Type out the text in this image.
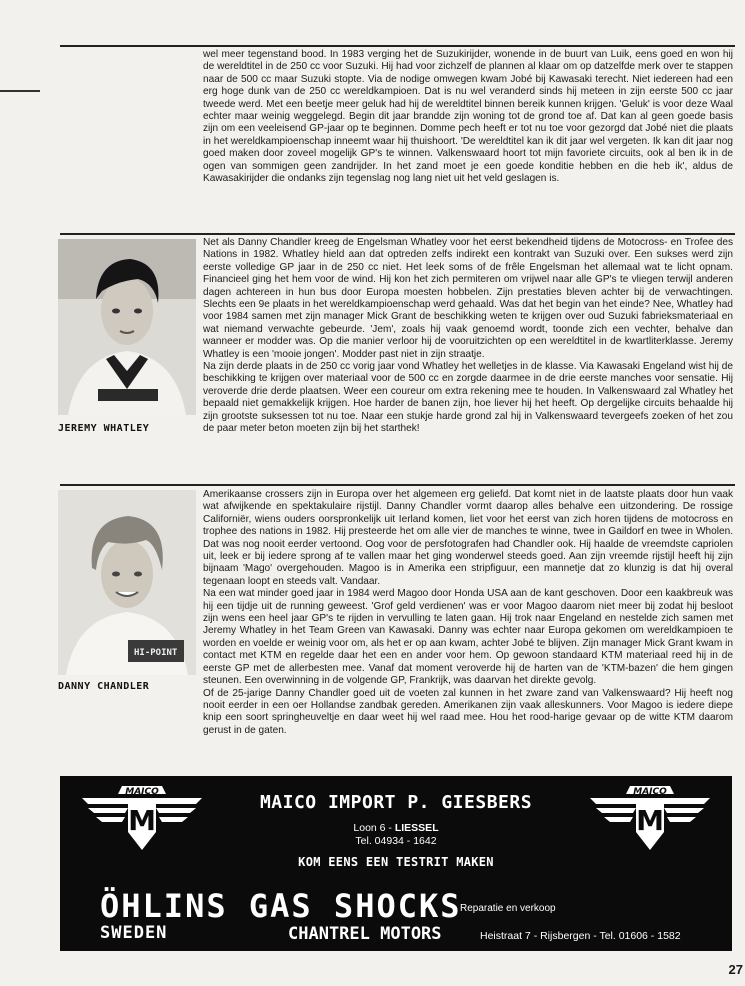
wel meer tegenstand bood. In 1983 verging het de Suzukirijder, wonende in de buurt van Luik, eens goed en won hij de wereldtitel in de 250 cc voor Suzuki. Hij had voor zichzelf de plannen al klaar om op datzelfde merk over te stappen naar de 500 cc maar Suzuki stopte. Via de nodige omwegen kwam Jobé bij Kawasaki terecht. Niet iedereen had een erg hoge dunk van de 250 cc wereldkampioen. Dat is nu wel veranderd sinds hij meteen in zijn eerste 500 cc jaar tweede werd. Met een beetje meer geluk had hij de wereldtitel binnen bereik kunnen krijgen. 'Geluk' is voor deze Waal echter maar weinig weggelegd. Begin dit jaar brandde zijn woning tot de grond toe af. Dat kan al geen goede basis zijn om een veeleisend GP-jaar op te beginnen. Domme pech heeft er tot nu toe voor gezorgd dat Jobé niet die plaats in het wereldkampioenschap inneemt waar hij thuishoort. 'De wereldtitel kan ik dit jaar wel vergeten. Ik kan dit jaar nog goed maken door zoveel mogelijk GP's te winnen. Valkenswaard hoort tot mijn favoriete circuits, ook al ben ik in de ogen van sommigen geen zandrijder. In het zand moet je een goede konditie hebben en die heb ik', aldus de Kawasakirijder die ondanks zijn tegenslag nog lang niet uit het veld geslagen is.

JEREMY WHATLEY

Net als Danny Chandler kreeg de Engelsman Whatley voor het eerst bekendheid tijdens de Motocross- en Trofee des Nations in 1982. Whatley hield aan dat optreden zelfs indirekt een kontrakt van Suzuki over. Een sukses werd zijn eerste volledige GP jaar in de 250 cc niet. Het leek soms of de frêle Engelsman het allemaal wat te licht opnam. Financieel ging het hem voor de wind. Hij kon het zich permiteren om vrijwel naar alle GP's te vliegen terwijl anderen dagen achtereen in hun bus door Europa moesten hobbelen. Zijn prestaties bleven achter bij de verwachtingen. Slechts een 9e plaats in het wereldkampioenschap werd gehaald. Was dat het begin van het einde? Nee, Whatley had voor 1984 samen met zijn manager Mick Grant de beschikking weten te krijgen over oud Suzuki fabrieksmateriaal en wat niemand verwachte gebeurde. 'Jem', zoals hij vaak genoemd wordt, toonde zich een vechter, behalve dan wanneer er modder was. Op die manier verloor hij de vooruitzichten op een wereldtitel in de kwartliterklasse. Jeremy Whatley is een 'mooie jongen'. Modder past niet in zijn straatje.

Na zijn derde plaats in de 250 cc vorig jaar vond Whatley het welletjes in de klasse. Via Kawasaki Engeland wist hij de beschikking te krijgen over materiaal voor de 500 cc en zorgde daarmee in de drie eerste manches voor sensatie. Hij veroverde drie derde plaatsen. Weer een coureur om extra rekening mee te houden. In Valkenswaard zal Whatley het bepaald niet gemakkelijk krijgen. Hoe harder de banen zijn, hoe liever hij het heeft. Op dergelijke circuits behaalde hij zijn grootste suksessen tot nu toe. Naar een stukje harde grond zal hij in Valkenswaard tevergeefs zoeken of het zou de paar meter beton moeten zijn bij het starthek!

HI-POINT
DANNY CHANDLER

Amerikaanse crossers zijn in Europa over het algemeen erg geliefd. Dat komt niet in de laatste plaats door hun vaak wat afwijkende en spektakulaire rijstijl. Danny Chandler vormt daarop alles behalve een uitzondering. De rossige Californiër, wiens ouders oorspronkelijk uit Ierland komen, liet voor het eerst van zich horen tijdens de motocross en trophee des nations in 1982. Hij presteerde het om alle vier de manches te winne, twee in Gaildorf en twee in Wholen. Dat was nog nooit eerder vertoond. Oog voor de persfotografen had Chandler ook. Hij haalde de vreemdste capriolen uit, leek er bij iedere sprong af te vallen maar het ging wonderwel steeds goed. Aan zijn vreemde rijstijl heeft hij zijn bijnaam 'Mago' overgehouden. Magoo is in Amerika een stripfiguur, een mannetje dat zo klunzig is dat hij overal tegenaan loopt en steeds valt. Vandaar.

Na een wat minder goed jaar in 1984 werd Magoo door Honda USA aan de kant geschoven. Door een kaakbreuk was hij een tijdje uit de running geweest. 'Grof geld verdienen' was er voor Magoo daarom niet meer bij zodat hij besloot zijn wens een heel jaar GP's te rijden in vervulling te laten gaan. Hij trok naar Engeland en nestelde zich samen met Jeremy Whatley in het Team Green van Kawasaki. Danny was echter naar Europa gekomen om wereldkampioen te worden en voelde er weinig voor om, als het er op aan kwam, achter Jobé te blijven. Zijn manager Mick Grant kwam in contact met KTM en regelde daar het een en ander voor hem. Op gewoon standaard KTM materiaal reed hij in de eerste GP met de allerbesten mee. Vanaf dat moment veroverde hij de harten van de 'KTM-bazen' die hem gingen steunen. Een overwinning in de volgende GP, Frankrijk, was daarvan het direkte gevolg.

Of de 25-jarige Danny Chandler goed uit de voeten zal kunnen in het zware zand van Valkenswaard? Hij heeft nog nooit eerder in een oer Hollandse zandbak gereden. Amerikanen zijn vaak alleskunners. Voor Magoo is iedere diepe knip een soort springheuveltje en daar weet hij wel raad mee. Hou het rood-harige gevaar op de witte KTM daarom gerust in de gaten.

MAICO
M
MAICO
M
MAICO IMPORT P. GIESBERS
Loon 6 - LIESSEL
Tel. 04934 - 1642
KOM EENS EEN TESTRIT MAKEN
ÖHLINS GAS SHOCKS
SWEDEN
Reparatie en verkoop
CHANTREL MOTORS	Heistraat 7 - Rijsbergen - Tel. 01606 - 1582
27
